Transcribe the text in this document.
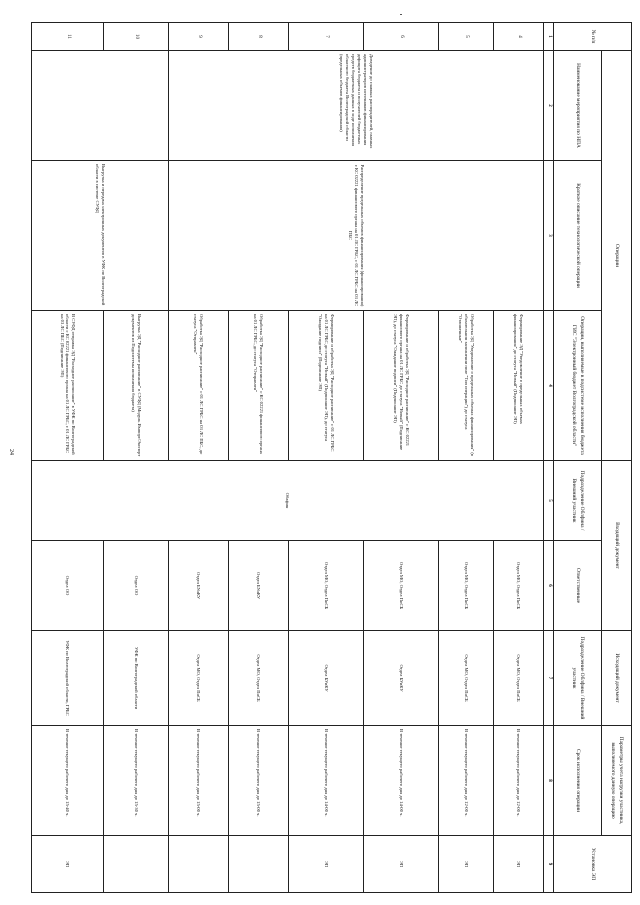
24
№ п/п	Операции			Входящий документ		Исходящий документ	Параметры учета нагрузки участника, выполняемого данную операцию	Установка ЭП
	Наименование мероприятия по НПА	Краткое описание технологической операции	Операции, выполняемые в подсистеме исполнения бюджета ГИС "Электронный бюджет Волгоградской области"	Подразделение Облфина / Внешний участник	Ответственные	Подразделение Облфина / Внешний участник	Срок исполнения операции	
1	2	3	4	5	6	7	8	9
4	Доведение до главных распорядителей, главных администраторов источников финансирования дефицита бюджета и получателей бюджетных средств бюджетных данных в ходе исполнения областного бюджета Волгоградской области (предельных объемов финансирования)	Распределение предельных объемов финансирования (финансирования) с КС 02221 финансового органа на 01 ЛС ГРБС, с 01 ЛС ГРБС на 03 ЛС ПБС	Формирование ЭД "Уведомление о предельных объемах финансирования" до статуса "Новый" (Подписание ЭП)	Облфин	Отдел МО, Отдел ПиСБ	Отдел МО, Отдел ПиСБ	В течение текущего рабочего дня до 12-00 ч.	ЭП
5			Обработка ЭД "Уведомление о предельных объемах финансирования" (в обязательном заполнении поле "Тип операции") до статуса "Отложенные"		Отдел МО, Отдел ПиСБ	Отдел МО, Отдел ПиСБ	В течение текущего рабочего дня до 12-00 ч.	ЭП
6			Формирование и обработка ЭД "Расходное расписание" с КС 02221 финансового органа на 01 ЛС ГРБС до статуса "Новый" (Подписание ЭП), до статуса "Ожидание подписи" (Подписание ЭП)		Отдел МО, Отдел ПиСБ	Отдел БУиКУ	В течение текущего рабочего дня до 14-00 ч.	ЭП
7			Формирование и обработка ЭД "Расходное расписание" с 01 ЛС ГРБС на 01 ЛС ГРБС до статуса "Новый" (Подписание ЭП), до статуса "Ожидание подписи" (Подписание ЭП)		Отдел МО, Отдел ПиСБ	Отдел БУиКУ	В течение текущего рабочего дня до 14-00 ч.	ЭП
8			Обработка ЭД "Расходное расписание" с КС 02221 финансового органа на 01 ЛС ГРБС, до статуса "Отправлен"		Отдел БУиКУ	Отдел МО, Отдел ПиСБ	В течение текущего рабочего дня до 15-00 ч.	
9			Обработка ЭД "Расходное расписание" с 01 ЛС ГРБС на 03 ЛС ПБС, до статуса "Отправлен"		Отдел БУиКУ	Отдел МО, Отдел ПиСБ	В течение текущего рабочего дня до 15-00 ч.	
10		Выгрузка и передача электронных документов в УФК по Волгоградской области в системе СУФД	Выгрузка ЭД "Расходное расписание" в СУФД (Модуль Импорт/Экспорт документов из Подсистемы исполнения бюджета)		Отдел ОО	УФК по Волгоградской области	В течение текущего рабочего дня до 15-30 ч.	
11			В СУФД отправка ЭД "Расходное расписание" в УФК по Волгоградской области с КС 02221 финансового органа на 01 ЛС ГРБС, с 01 ЛС ГРБС на 03 ЛС ПБС (Подписание ЭП)		Отдел ОО	УФК по Волгоградской области, ГРБС	В течение текущего рабочего дня до 15-40 ч.	ЭП
